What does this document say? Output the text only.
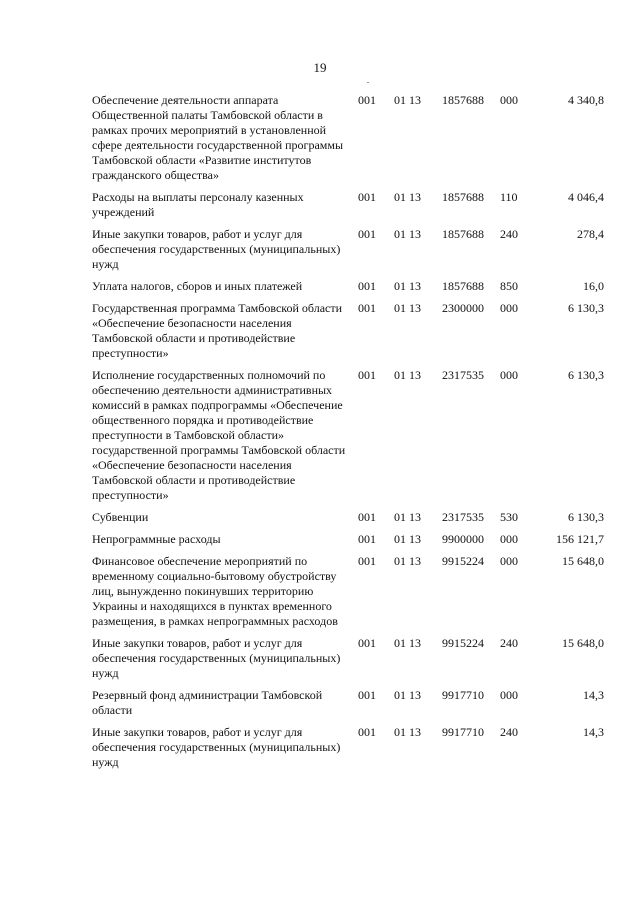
19
Обеспечение деятельности аппарата Общественной палаты Тамбовской области в рамках прочих мероприятий в установленной сфере деятельности государственной программы Тамбовской области «Развитие институтов гражданского общества»	001	01 13	1857688	000	4 340,8
Расходы на выплаты персоналу казенных учреждений	001	01 13	1857688	110	4 046,4
Иные закупки товаров, работ и услуг для обеспечения государственных (муниципальных) нужд	001	01 13	1857688	240	278,4
Уплата налогов, сборов и иных платежей	001	01 13	1857688	850	16,0
Государственная программа Тамбовской области «Обеспечение безопасности населения Тамбовской области и противодействие преступности»	001	01 13	2300000	000	6 130,3
Исполнение государственных полномочий по обеспечению деятельности административных комиссий в рамках подпрограммы «Обеспечение общественного порядка и противодействие преступности в Тамбовской области» государственной программы Тамбовской области «Обеспечение безопасности населения Тамбовской области и противодействие преступности»	001	01 13	2317535	000	6 130,3
Субвенции	001	01 13	2317535	530	6 130,3
Непрограммные расходы	001	01 13	9900000	000	156 121,7
Финансовое обеспечение мероприятий по временному социально-бытовому обустройству лиц, вынужденно покинувших территорию Украины и находящихся в пунктах временного размещения, в рамках непрограммных расходов	001	01 13	9915224	000	15 648,0
Иные закупки товаров, работ и услуг для обеспечения государственных (муниципальных) нужд	001	01 13	9915224	240	15 648,0
Резервный фонд администрации Тамбовской области	001	01 13	9917710	000	14,3
Иные закупки товаров, работ и услуг для обеспечения государственных (муниципальных) нужд	001	01 13	9917710	240	14,3
